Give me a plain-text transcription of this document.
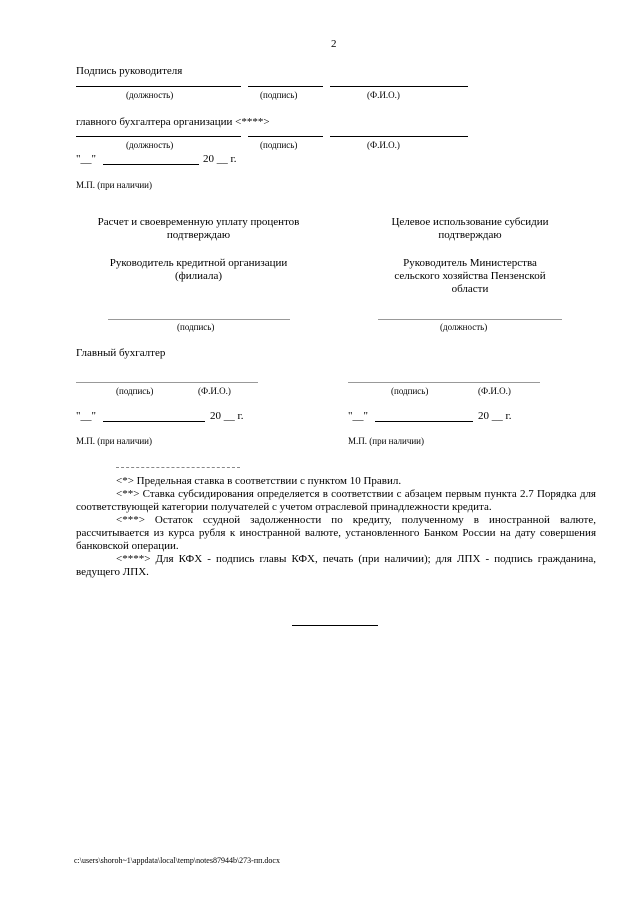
2
Подпись руководителя
(должность)	(подпись)	(Ф.И.О.)
главного бухгалтера организации <****>
(должность)	(подпись)	(Ф.И.О.)
"__"	20 __ г.
М.П. (при наличии)
Расчет и своевременную уплату процентов подтверждаю
Руководитель кредитной организации (филиала)
(подпись)
Целевое использование субсидии подтверждаю
Руководитель Министерства сельского хозяйства Пензенской области
(должность)
Главный бухгалтер
(подпись)	(Ф.И.О.)	(подпись)	(Ф.И.О.)
"__"	20 __ г.	"__"	20 __ г.
М.П. (при наличии)	М.П. (при наличии)

<*> Предельная ставка в соответствии с пунктом 10 Правил.

<**> Ставка субсидирования определяется в соответствии с абзацем первым пункта 2.7 Порядка для соответствующей категории получателей с учетом отраслевой принадлежности кредита.

<***> Остаток ссудной задолженности по кредиту, полученному в иностранной валюте, рассчитывается из курса рубля к иностранной валюте, установленного Банком России на дату совершения банковской операции.

<****> Для КФХ - подпись главы КФХ, печать (при наличии); для ЛПХ - подпись гражданина, ведущего ЛПХ.

c:\users\shoroh~1\appdata\local\temp\notes87944b\273-пп.docx
